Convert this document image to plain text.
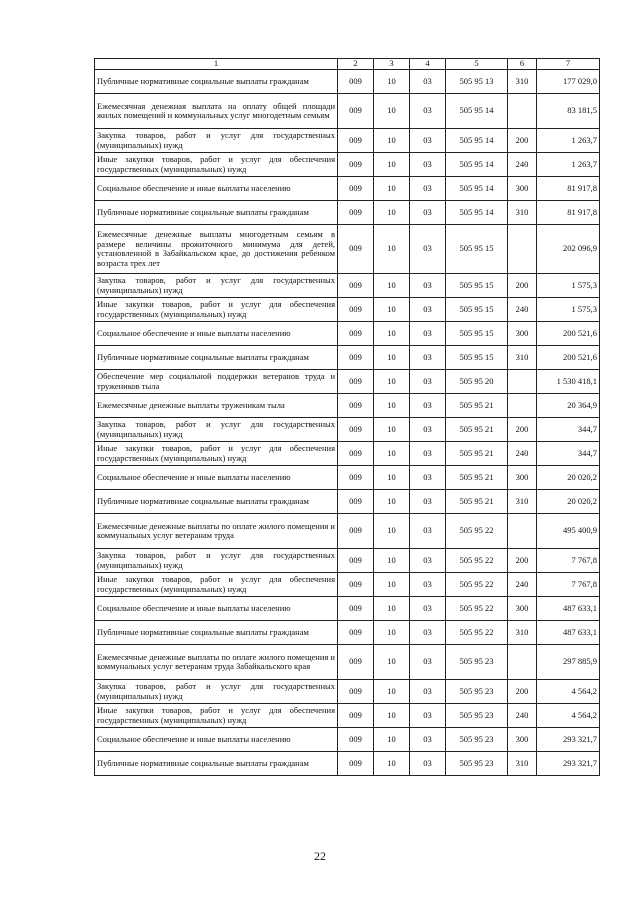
1	2	3	4	5	6	7
Публичные нормативные социальные выплаты гражданам	009	10	03	505 95 13	310	177 029,0
Ежемесячная денежная выплата на оплату общей площади жилых помещений и коммунальных услуг многодетным семьям	009	10	03	505 95 14		83 181,5
Закупка товаров, работ и услуг для государственных (муниципальных) нужд	009	10	03	505 95 14	200	1 263,7
Иные закупки товаров, работ и услуг для обеспечения государственных (муниципальных) нужд	009	10	03	505 95 14	240	1 263,7
Социальное обеспечение и иные выплаты населению	009	10	03	505 95 14	300	81 917,8
Публичные нормативные социальные выплаты гражданам	009	10	03	505 95 14	310	81 917,8
Ежемесячные денежные выплаты многодетным семьям в размере величины прожиточного минимума для детей, установленной в Забайкальском крае, до достижения ребенком возраста трех лет	009	10	03	505 95 15		202 096,9
Закупка товаров, работ и услуг для государственных (муниципальных) нужд	009	10	03	505 95 15	200	1 575,3
Иные закупки товаров, работ и услуг для обеспечения государственных (муниципальных) нужд	009	10	03	505 95 15	240	1 575,3
Социальное обеспечение и иные выплаты населению	009	10	03	505 95 15	300	200 521,6
Публичные нормативные социальные выплаты гражданам	009	10	03	505 95 15	310	200 521,6
Обеспечение мер социальной поддержки ветеранов труда и тружеников тыла	009	10	03	505 95 20		1 530 418,1
Ежемесячные денежные выплаты труженикам тыла	009	10	03	505 95 21		20 364,9
Закупка товаров, работ и услуг для государственных (муниципальных) нужд	009	10	03	505 95 21	200	344,7
Иные закупки товаров, работ и услуг для обеспечения государственных (муниципальных) нужд	009	10	03	505 95 21	240	344,7
Социальное обеспечение и иные выплаты населению	009	10	03	505 95 21	300	20 020,2
Публичные нормативные социальные выплаты гражданам	009	10	03	505 95 21	310	20 020,2
Ежемесячные денежные выплаты по оплате жилого помещения и коммунальных услуг ветеранам труда	009	10	03	505 95 22		495 400,9
Закупка товаров, работ и услуг для государственных (муниципальных) нужд	009	10	03	505 95 22	200	7 767,8
Иные закупки товаров, работ и услуг для обеспечения государственных (муниципальных) нужд	009	10	03	505 95 22	240	7 767,8
Социальное обеспечение и иные выплаты населению	009	10	03	505 95 22	300	487 633,1
Публичные нормативные социальные выплаты гражданам	009	10	03	505 95 22	310	487 633,1
Ежемесячные денежные выплаты по оплате жилого помещения и коммунальных услуг ветеранам труда Забайкальского края	009	10	03	505 95 23		297 885,9
Закупка товаров, работ и услуг для государственных (муниципальных) нужд	009	10	03	505 95 23	200	4 564,2
Иные закупки товаров, работ и услуг для обеспечения государственных (муниципальных) нужд	009	10	03	505 95 23	240	4 564,2
Социальное обеспечение и иные выплаты населению	009	10	03	505 95 23	300	293 321,7
Публичные нормативные социальные выплаты гражданам	009	10	03	505 95 23	310	293 321,7
22
